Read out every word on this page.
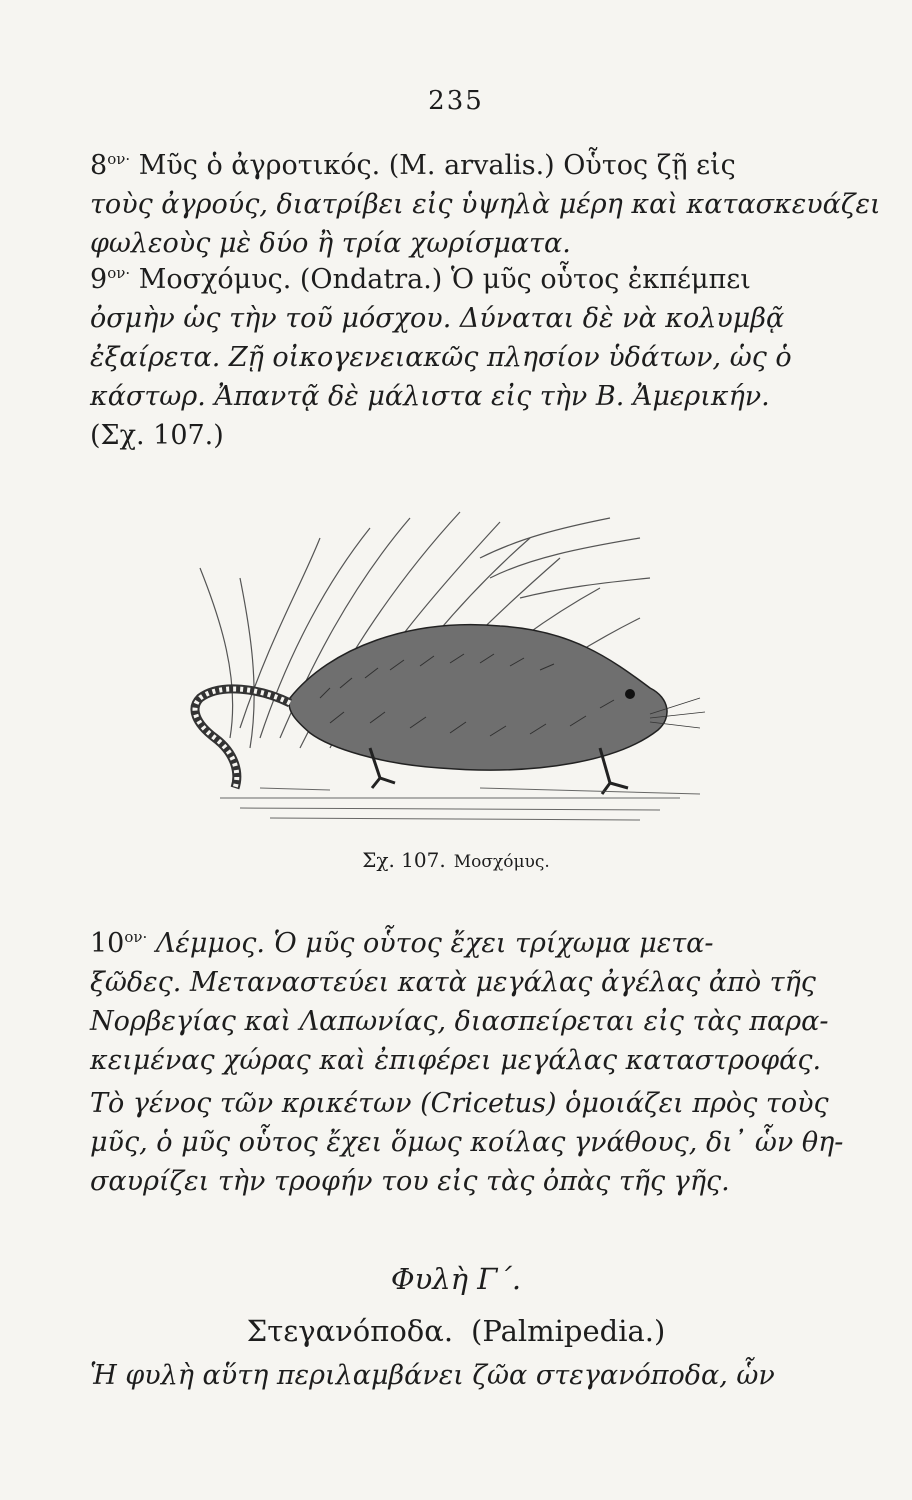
235
$8^{o\nu\cdot}$ Μῦς ὁ ἀγροτικός. (M. arvalis.) Οὗτος ζῇ εἰς
τοὺς ἀγρούς, διατρίβει εἰς ὑψηλὰ μέρη καὶ κατασκευάζει
φωλεοὺς μὲ δύο ἢ τρία χωρίσματα.
$9^{o\nu\cdot}$ Μοσχόμυς. (Ondatra.) Ὁ μῦς οὗτος ἐκπέμπει
ὀσμὴν ὡς τὴν τοῦ μόσχου. Δύναται δὲ νὰ κολυμβᾷ
ἐξαίρετα. Ζῇ οἰκογενειακῶς πλησίον ὑδάτων, ὡς ὁ
κάστωρ. Ἀπαντᾷ δὲ μάλιστα εἰς τὴν Β. Ἀμερικήν.
(Σχ. 107.)
Σχ. 107. Μοσχόμυς.
$10^{o\nu\cdot}$ Λέμμος. Ὁ μῦς οὗτος ἔχει τρίχωμα μετα-
ξῶδες. Μεταναστεύει κατὰ μεγάλας ἀγέλας ἀπὸ τῆς
Νορβεγίας καὶ Λαπωνίας, διασπείρεται εἰς τὰς παρα-
κειμένας χώρας καὶ ἐπιφέρει μεγάλας καταστροφάς.
Τὸ γένος τῶν κρικέτων (Cricetus) ὁμοιάζει πρὸς τοὺς
μῦς, ὁ μῦς οὗτος ἔχει ὅμως κοίλας γνάθους, δι᾽ ὧν θη-
σαυρίζει τὴν τροφήν του εἰς τὰς ὀπὰς τῆς γῆς.
Φυλὴ Γ΄.
Στεγανόποδα. (Palmipedia.)
Ἡ φυλὴ αὕτη περιλαμβάνει ζῶα στεγανόποδα, ὧν
